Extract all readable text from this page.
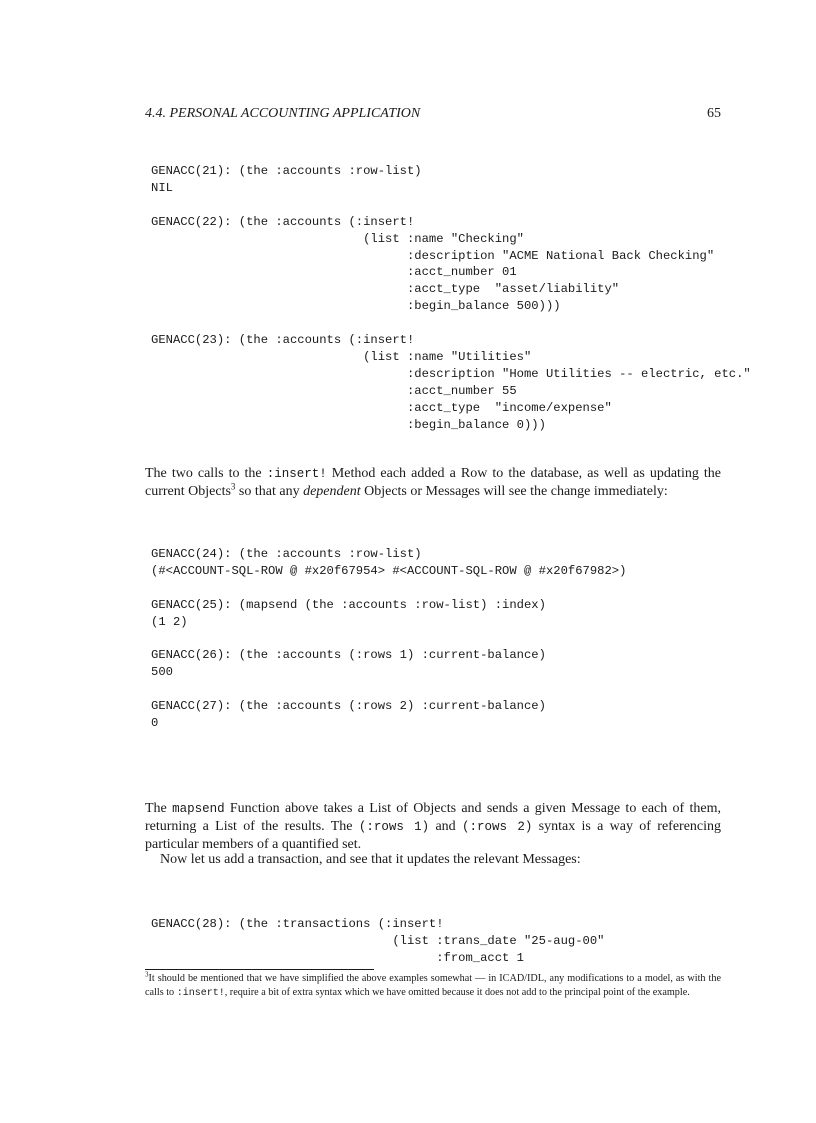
4.4. PERSONAL ACCOUNTING APPLICATION	65
GENACC(21): (the :accounts :row-list)
NIL

GENACC(22): (the :accounts (:insert!
(list :name "Checking"
:description "ACME National Back Checking"
:acct_number 01
:acct_type  "asset/liability"
:begin_balance 500)))

GENACC(23): (the :accounts (:insert!
(list :name "Utilities"
:description "Home Utilities -- electric, etc."
:acct_number 55
:acct_type  "income/expense"
:begin_balance 0)))

The two calls to the :insert! Method each added a Row to the database, as well as updating the current Objects$^3$ so that any dependent Objects or Messages will see the change immediately:

GENACC(24): (the :accounts :row-list)
(#<ACCOUNT-SQL-ROW @ #x20f67954> #<ACCOUNT-SQL-ROW @ #x20f67982>)

GENACC(25): (mapsend (the :accounts :row-list) :index)
(1 2)

GENACC(26): (the :accounts (:rows 1) :current-balance)
500

GENACC(27): (the :accounts (:rows 2) :current-balance)
0

The mapsend Function above takes a List of Objects and sends a given Message to each of them, returning a List of the results. The (:rows 1) and (:rows 2) syntax is a way of referencing particular members of a quantified set.

Now let us add a transaction, and see that it updates the relevant Messages:

GENACC(28): (the :transactions (:insert!
(list :trans_date "25-aug-00"
:from_acct 1

$^3$It should be mentioned that we have simplified the above examples somewhat — in ICAD/IDL, any modifications to a model, as with the calls to :insert!, require a bit of extra syntax which we have omitted because it does not add to the principal point of the example.
